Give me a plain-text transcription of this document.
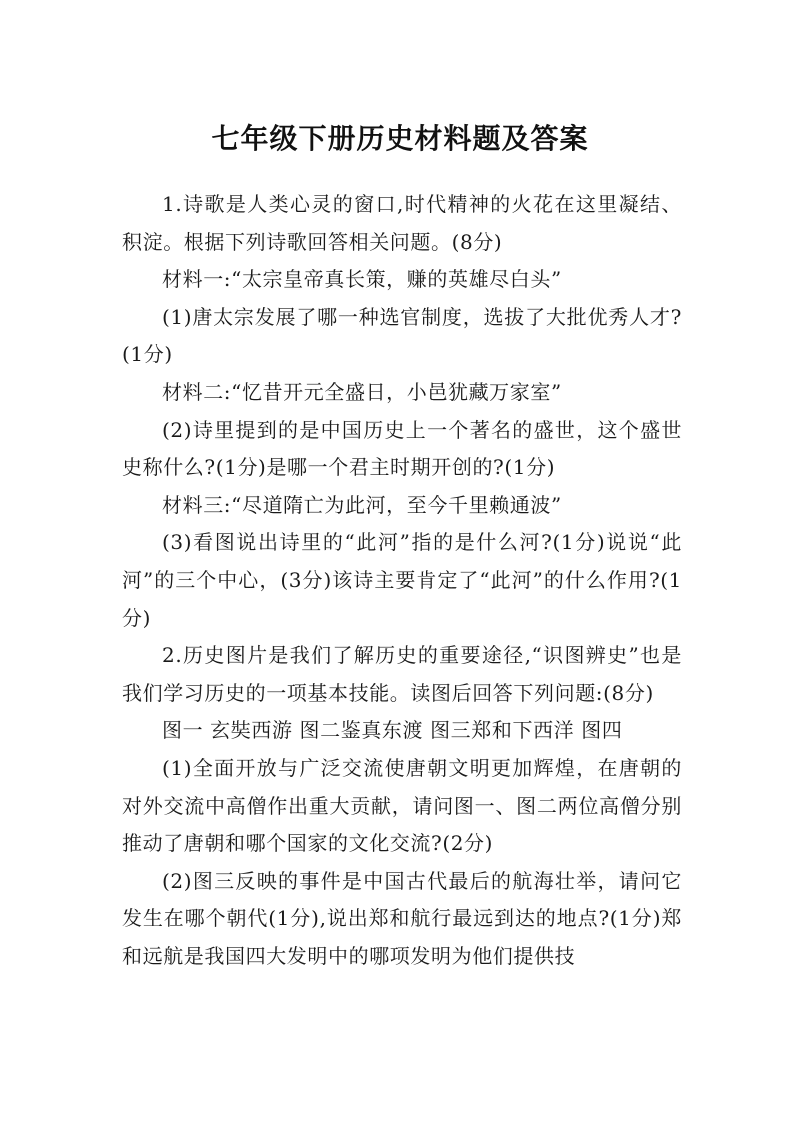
七年级下册历史材料题及答案

1.诗歌是人类心灵的窗口,时代精神的火花在这里凝结、积淀。根据下列诗歌回答相关问题。(8分)

材料一:“太宗皇帝真长策，赚的英雄尽白头”

(1)唐太宗发展了哪一种选官制度，选拔了大批优秀人才?(1分)

材料二:“忆昔开元全盛日，小邑犹藏万家室”

(2)诗里提到的是中国历史上一个著名的盛世，这个盛世史称什么?(1分)是哪一个君主时期开创的?(1分)

材料三:“尽道隋亡为此河，至今千里赖通波”

(3)看图说出诗里的“此河”指的是什么河?(1分)说说“此河”的三个中心，(3分)该诗主要肯定了“此河”的什么作用?(1分)

2.历史图片是我们了解历史的重要途径,“识图辨史”也是我们学习历史的一项基本技能。读图后回答下列问题:(8分)

图一 玄奘西游 图二鉴真东渡 图三郑和下西洋 图四

(1)全面开放与广泛交流使唐朝文明更加辉煌，在唐朝的对外交流中高僧作出重大贡献，请问图一、图二两位高僧分别推动了唐朝和哪个国家的文化交流?(2分)

(2)图三反映的事件是中国古代最后的航海壮举，请问它发生在哪个朝代(1分),说出郑和航行最远到达的地点?(1分)郑和远航是我国四大发明中的哪项发明为他们提供技
